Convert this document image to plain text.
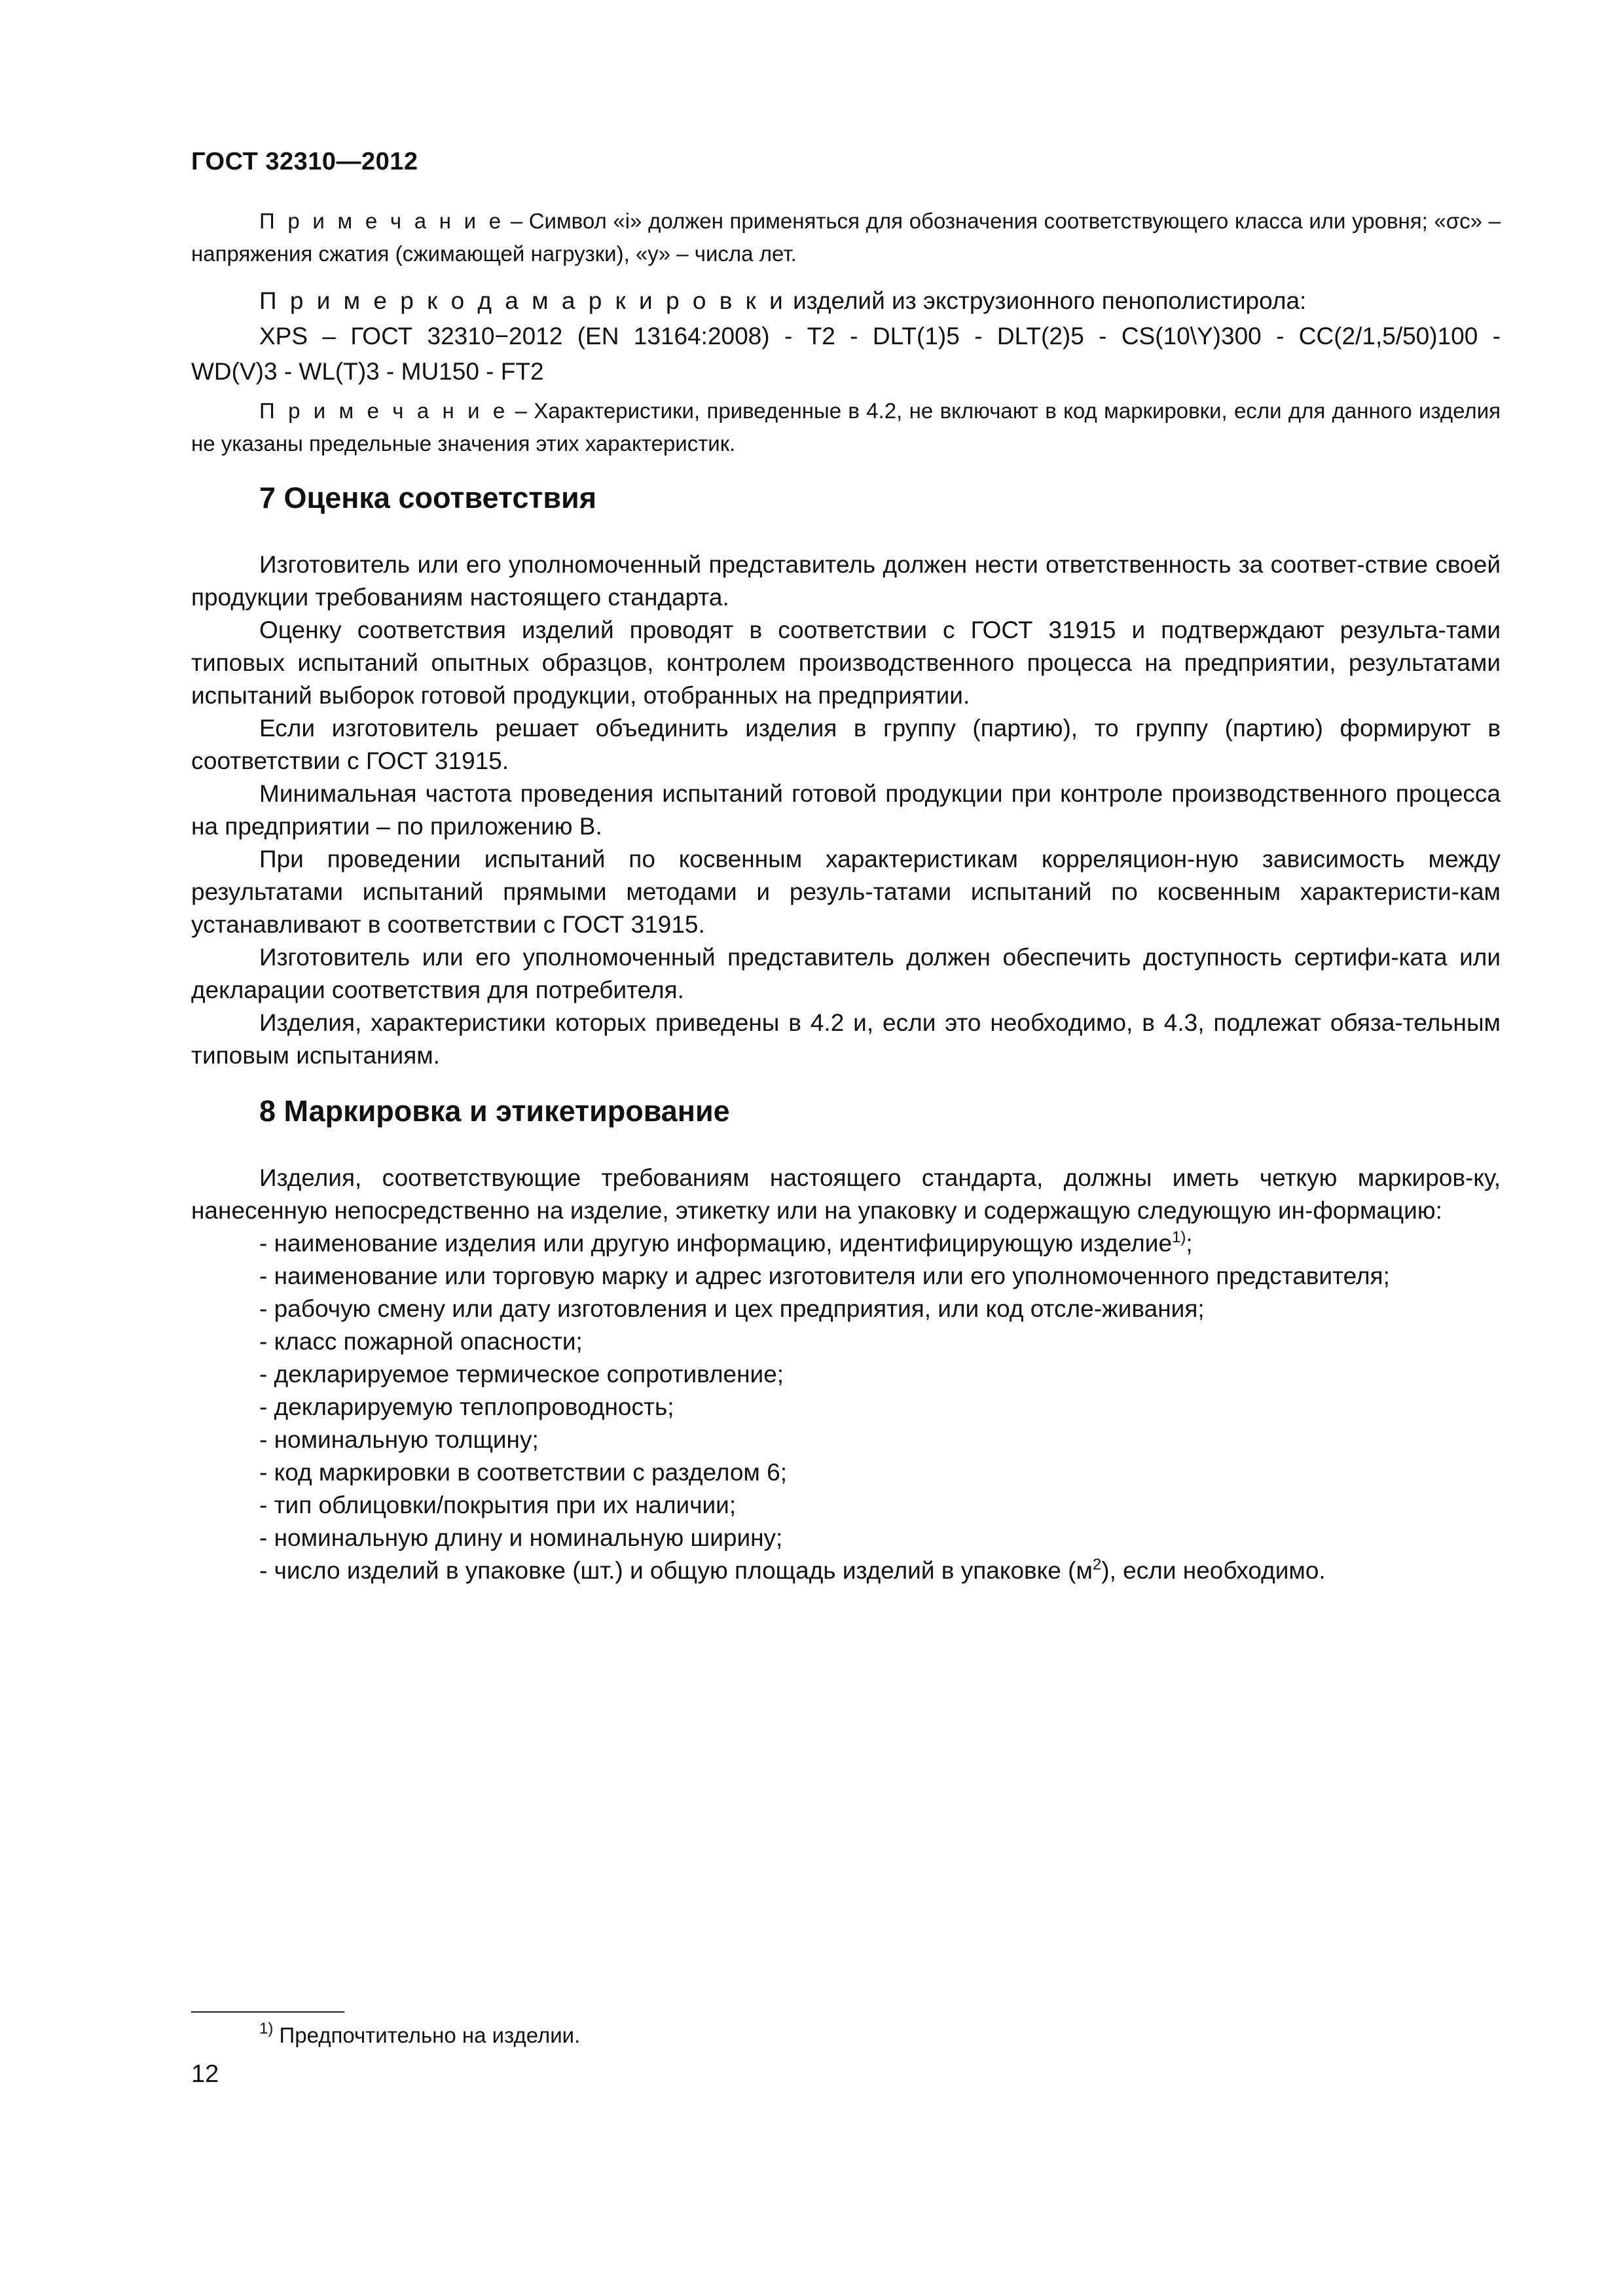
ГОСТ 32310—2012

П р и м е ч а н и е – Символ «i» должен применяться для обозначения соответствующего класса или уровня; «σс» – напряжения сжатия (сжимающей нагрузки), «y» – числа лет.

П р и м е р к о д а м а р к и р о в к и изделий из экструзионного пенополистирола:
XPS – ГОСТ 32310−2012 (EN 13164:2008) - T2 - DLT(1)5 - DLT(2)5 - CS(10\Y)300 - CC(2/1,5/50)100 -
WD(V)3 - WL(T)3 - MU150 - FT2

П р и м е ч а н и е – Характеристики, приведенные в 4.2, не включают в код маркировки, если для данного изделия не указаны предельные значения этих характеристик.

7 Оценка соответствия

Изготовитель или его уполномоченный представитель должен нести ответственность за соответ-ствие своей продукции требованиям настоящего стандарта.

Оценку соответствия изделий проводят в соответствии с ГОСТ 31915 и подтверждают результа-тами типовых испытаний опытных образцов, контролем производственного процесса на предприятии, результатами испытаний выборок готовой продукции, отобранных на предприятии.

Если изготовитель решает объединить изделия в группу (партию), то группу (партию) формируют в соответствии с ГОСТ 31915.

Минимальная частота проведения испытаний готовой продукции при контроле производственного процесса на предприятии – по приложению В.

При проведении испытаний по косвенным характеристикам корреляцион-ную зависимость между результатами испытаний прямыми методами и резуль-татами испытаний по косвенным характеристи-кам устанавливают в соответствии с ГОСТ 31915.

Изготовитель или его уполномоченный представитель должен обеспечить доступность сертифи-ката или декларации соответствия для потребителя.

Изделия, характеристики которых приведены в 4.2 и, если это необходимо, в 4.3, подлежат обяза-тельным типовым испытаниям.

8 Маркировка и этикетирование

Изделия, соответствующие требованиям настоящего стандарта, должны иметь четкую маркиров-ку, нанесенную непосредственно на изделие, этикетку или на упаковку и содержащую следующую ин-формацию:

- наименование изделия или другую информацию, идентифицирующую изделие$^{1)}$;

- наименование или торговую марку и адрес изготовителя или его уполномоченного представителя;

- рабочую смену или дату изготовления и цех предприятия, или код отсле-живания;

- класс пожарной опасности;

- декларируемое термическое сопротивление;

- декларируемую теплопроводность;

- номинальную толщину;

- код маркировки в соответствии с разделом 6;

- тип облицовки/покрытия при их наличии;

- номинальную длину и номинальную ширину;

- число изделий в упаковке (шт.) и общую площадь изделий в упаковке $(м^2)$, если необходимо.

$^{1)}$ Предпочтительно на изделии.
12
